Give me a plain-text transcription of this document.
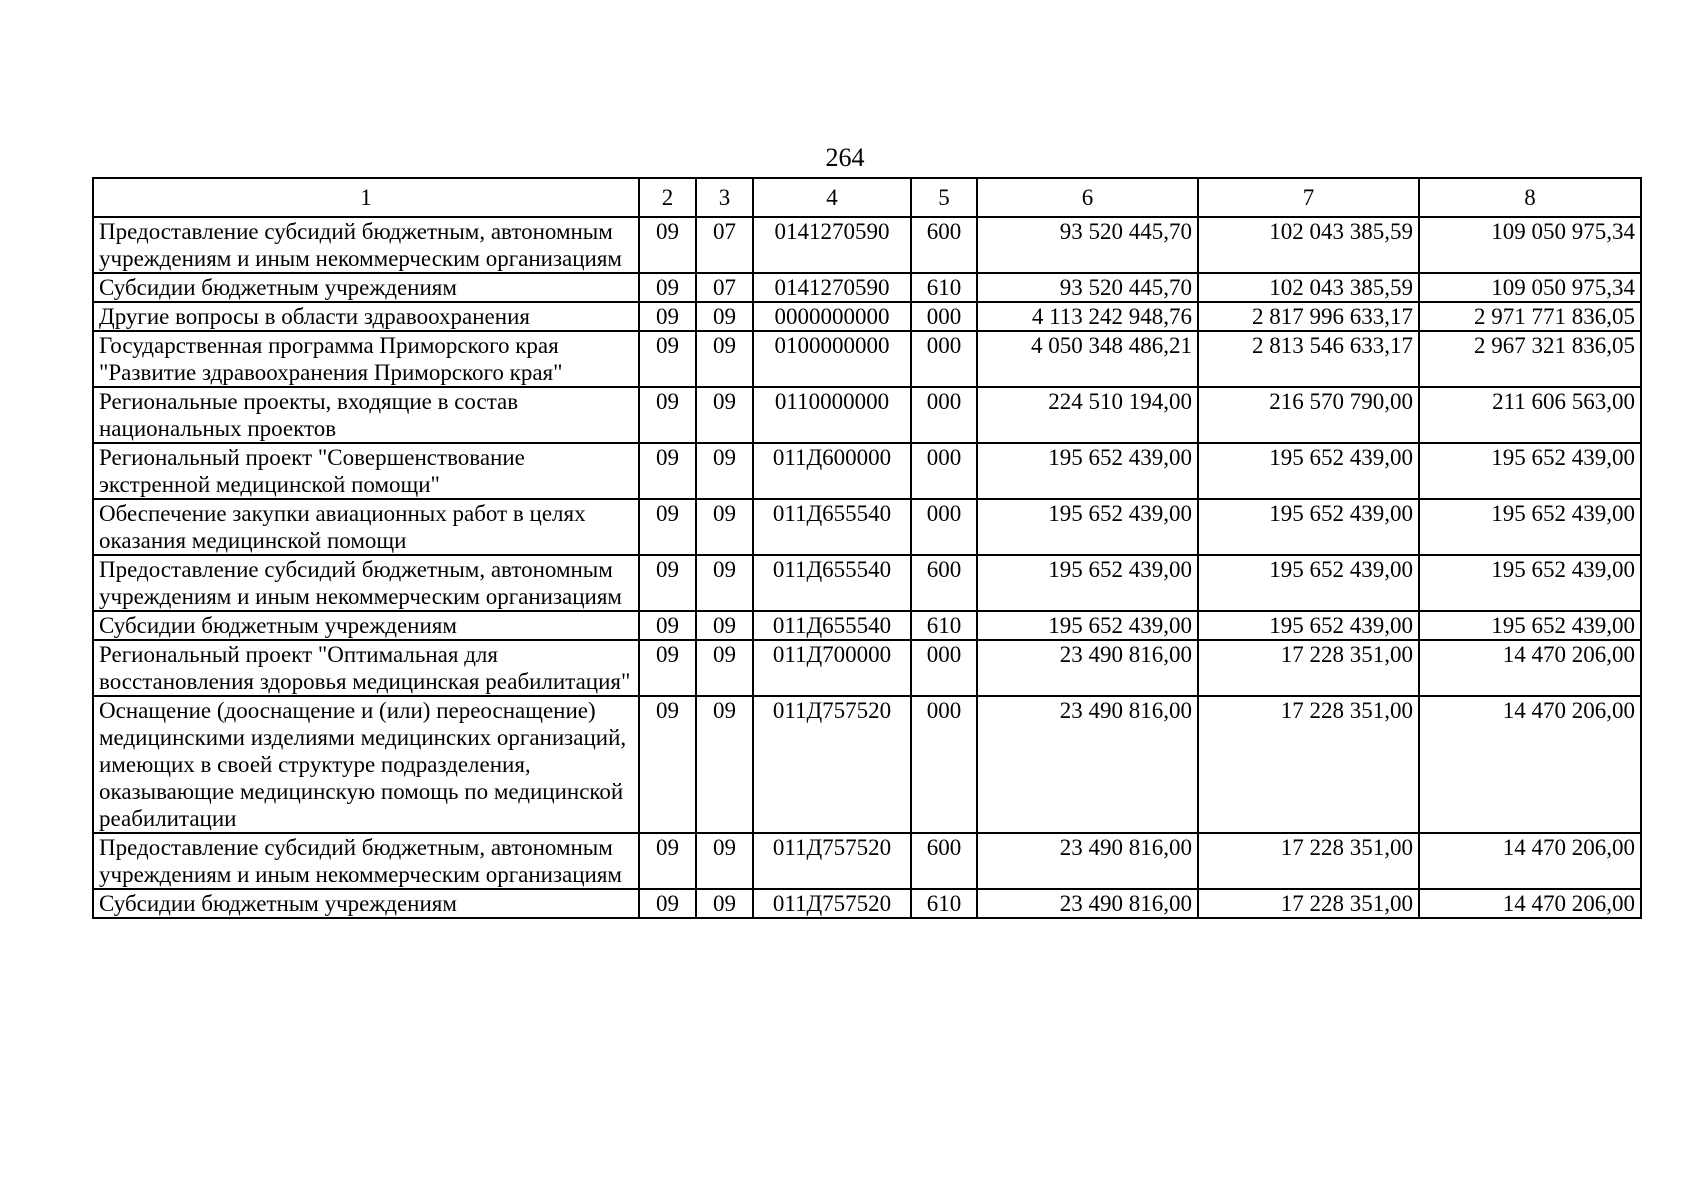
264
1	2	3	4	5	6	7	8
Предоставление субсидий бюджетным, автономным учреждениям и иным некоммерческим организациям	09	07	0141270590	600	93 520 445,70	102 043 385,59	109 050 975,34
Субсидии бюджетным учреждениям	09	07	0141270590	610	93 520 445,70	102 043 385,59	109 050 975,34
Другие вопросы в области здравоохранения	09	09	0000000000	000	4 113 242 948,76	2 817 996 633,17	2 971 771 836,05
Государственная программа Приморского края "Развитие здравоохранения Приморского края"	09	09	0100000000	000	4 050 348 486,21	2 813 546 633,17	2 967 321 836,05
Региональные проекты, входящие в состав национальных проектов	09	09	0110000000	000	224 510 194,00	216 570 790,00	211 606 563,00
Региональный проект "Совершенствование экстренной медицинской помощи"	09	09	011Д600000	000	195 652 439,00	195 652 439,00	195 652 439,00
Обеспечение закупки авиационных работ в целях оказания медицинской помощи	09	09	011Д655540	000	195 652 439,00	195 652 439,00	195 652 439,00
Предоставление субсидий бюджетным, автономным учреждениям и иным некоммерческим организациям	09	09	011Д655540	600	195 652 439,00	195 652 439,00	195 652 439,00
Субсидии бюджетным учреждениям	09	09	011Д655540	610	195 652 439,00	195 652 439,00	195 652 439,00
Региональный проект "Оптимальная для восстановления здоровья медицинская реабилитация"	09	09	011Д700000	000	23 490 816,00	17 228 351,00	14 470 206,00
Оснащение (дооснащение и (или) переоснащение) медицинскими изделиями медицинских организаций, имеющих в своей структуре подразделения, оказывающие медицинскую помощь по медицинской реабилитации	09	09	011Д757520	000	23 490 816,00	17 228 351,00	14 470 206,00
Предоставление субсидий бюджетным, автономным учреждениям и иным некоммерческим организациям	09	09	011Д757520	600	23 490 816,00	17 228 351,00	14 470 206,00
Субсидии бюджетным учреждениям	09	09	011Д757520	610	23 490 816,00	17 228 351,00	14 470 206,00
